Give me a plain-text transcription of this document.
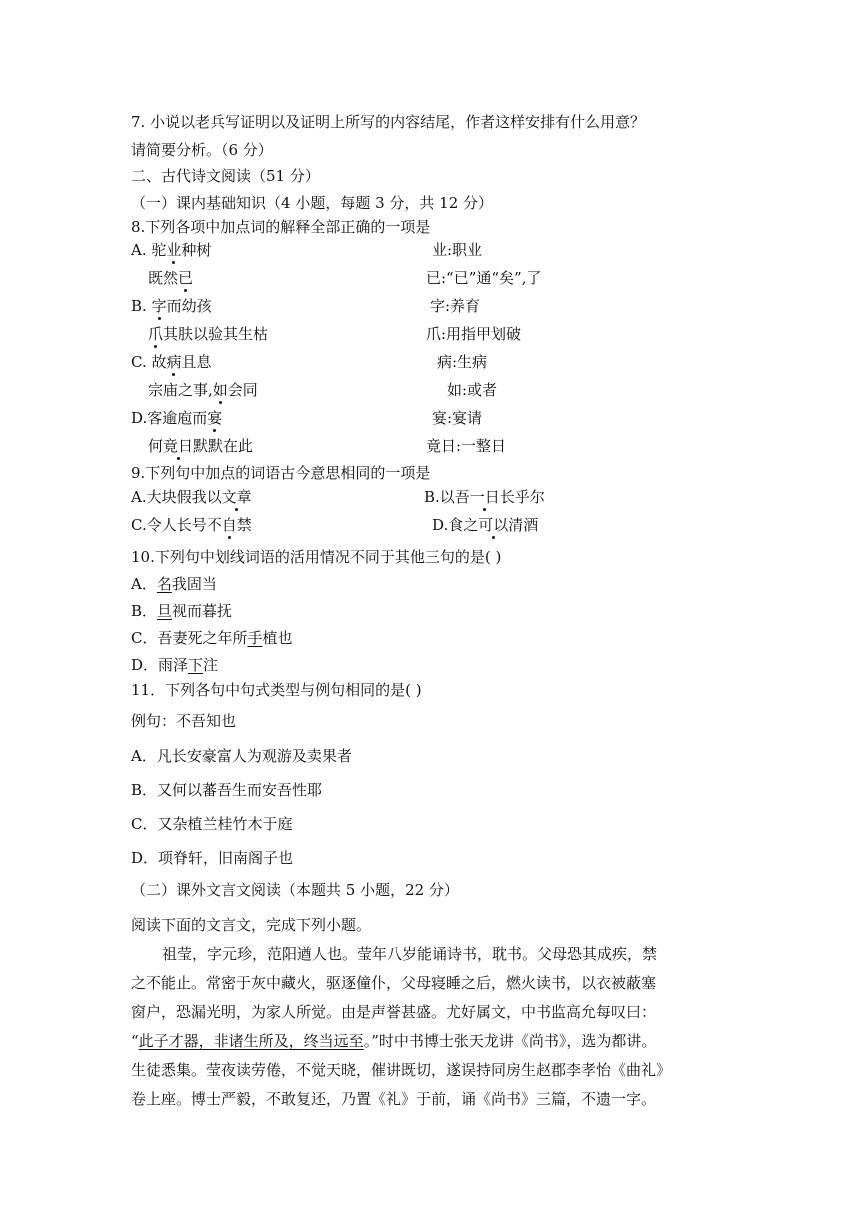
7. 小说以老兵写证明以及证明上所写的内容结尾，作者这样安排有什么用意？
请简要分析。（6 分）
二、古代诗文阅读（51 分）
（一）课内基础知识（4 小题，每题 3 分，共 12 分）
8.下列各项中加点词的解释全部正确的一项是
A. 驼业种树	业:职业
既然已	已:“已”通“矣”,了
B. 字而幼孩	字:养育
爪其肤以验其生枯	爪:用指甲划破
C. 故病且息	病:生病
宗庙之事,如会同	如:或者
D.客逾庖而宴	宴:宴请
何竟日默默在此	竟日:一整日
9.下列句中加点的词语古今意思相同的一项是
A.大块假我以文章	B.以吾一日长乎尔
C.令人长号不自禁	D.食之可以清酒
10.下列句中划线词语的活用情况不同于其他三句的是( )
A．名我固当
B．旦视而暮抚
C．吾妻死之年所手植也
D．雨泽下注
11．下列各句中句式类型与例句相同的是( )
例句：不吾知也
A．凡长安豪富人为观游及卖果者
B．又何以蕃吾生而安吾性耶
C．又杂植兰桂竹木于庭
D．项脊轩，旧南阁子也
（二）课外文言文阅读（本题共 5 小题，22 分）
阅读下面的文言文，完成下列小题。
祖莹，字元珍，范阳遒人也。莹年八岁能诵诗书，耽书。父母恐其成疾，禁
之不能止。常密于灰中藏火，驱逐僮仆，父母寝睡之后，燃火读书，以衣被蔽塞
窗户，恐漏光明，为家人所觉。由是声誉甚盛。尤好属文，中书监高允每叹曰：
“此子才器，非诸生所及，终当远至。”时中书博士张天龙讲《尚书》，选为都讲。
生徒悉集。莹夜读劳倦，不觉天晓，催讲既切，遂误持同房生赵郡李孝怡《曲礼》
卷上座。博士严毅，不敢复还，乃置《礼》于前，诵《尚书》三篇，不遗一字。
